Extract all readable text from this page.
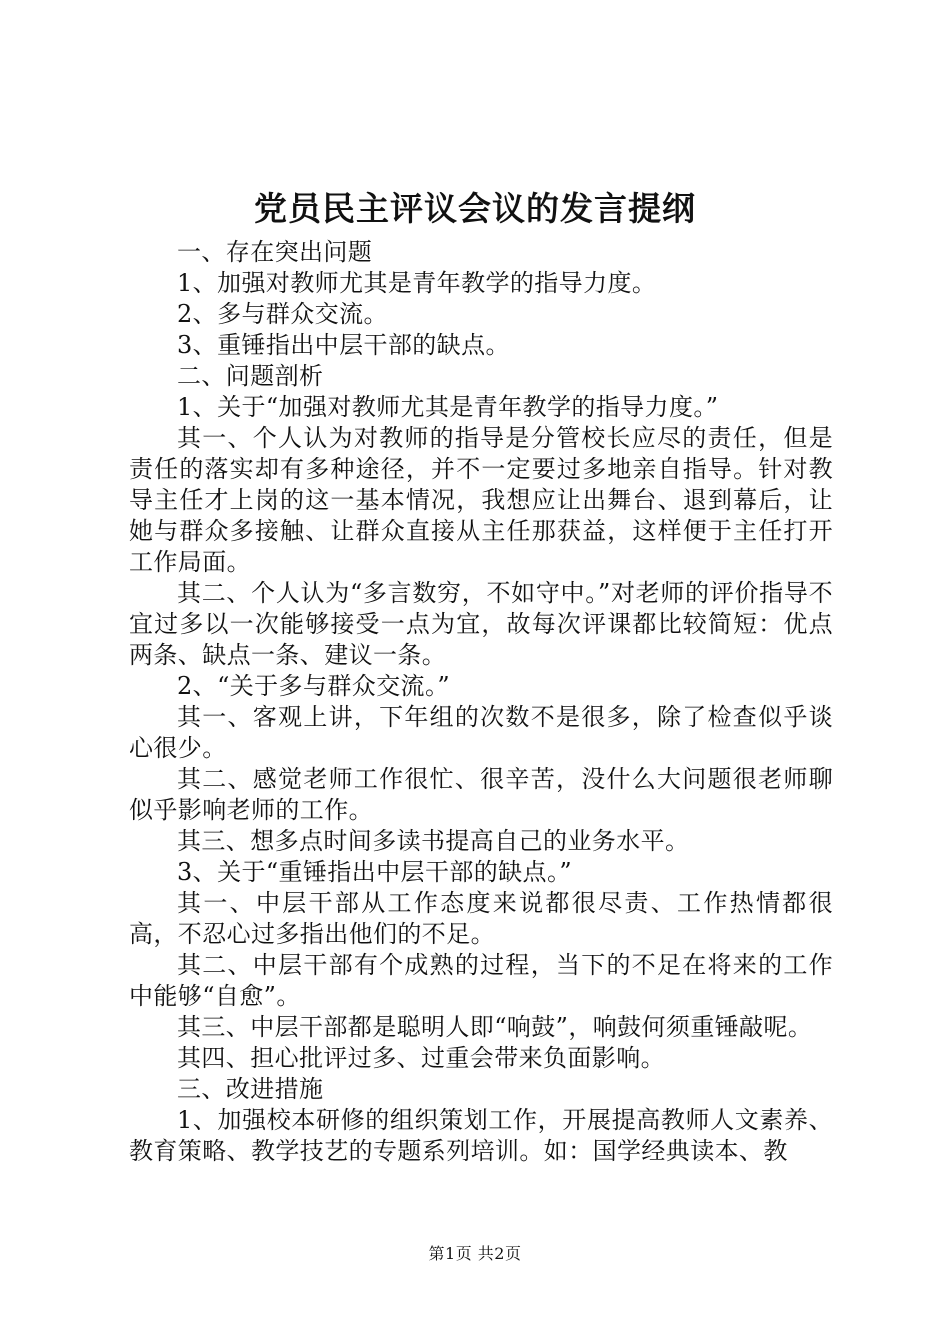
党员民主评议会议的发言提纲

一、存在突出问题

1、加强对教师尤其是青年教学的指导力度。

2、多与群众交流。

3、重锤指出中层干部的缺点。

二、问题剖析

1、关于“加强对教师尤其是青年教学的指导力度。”

其一、个人认为对教师的指导是分管校长应尽的责任，但是责任的落实却有多种途径，并不一定要过多地亲自指导。针对教导主任才上岗的这一基本情况，我想应让出舞台、退到幕后，让她与群众多接触、让群众直接从主任那获益，这样便于主任打开工作局面。

其二、个人认为“多言数穷，不如守中。”对老师的评价指导不宜过多以一次能够接受一点为宜，故每次评课都比较简短：优点两条、缺点一条、建议一条。

2、“关于多与群众交流。”

其一、客观上讲，下年组的次数不是很多，除了检查似乎谈心很少。

其二、感觉老师工作很忙、很辛苦，没什么大问题很老师聊似乎影响老师的工作。

其三、想多点时间多读书提高自己的业务水平。

3、关于“重锤指出中层干部的缺点。”

其一、中层干部从工作态度来说都很尽责、工作热情都很高，不忍心过多指出他们的不足。

其二、中层干部有个成熟的过程，当下的不足在将来的工作中能够“自愈”。

其三、中层干部都是聪明人即“响鼓”，响鼓何须重锤敲呢。

其四、担心批评过多、过重会带来负面影响。

三、改进措施

1、加强校本研修的组织策划工作，开展提高教师人文素养、教育策略、教学技艺的专题系列培训。如：国学经典读本、教

第1页 共2页
